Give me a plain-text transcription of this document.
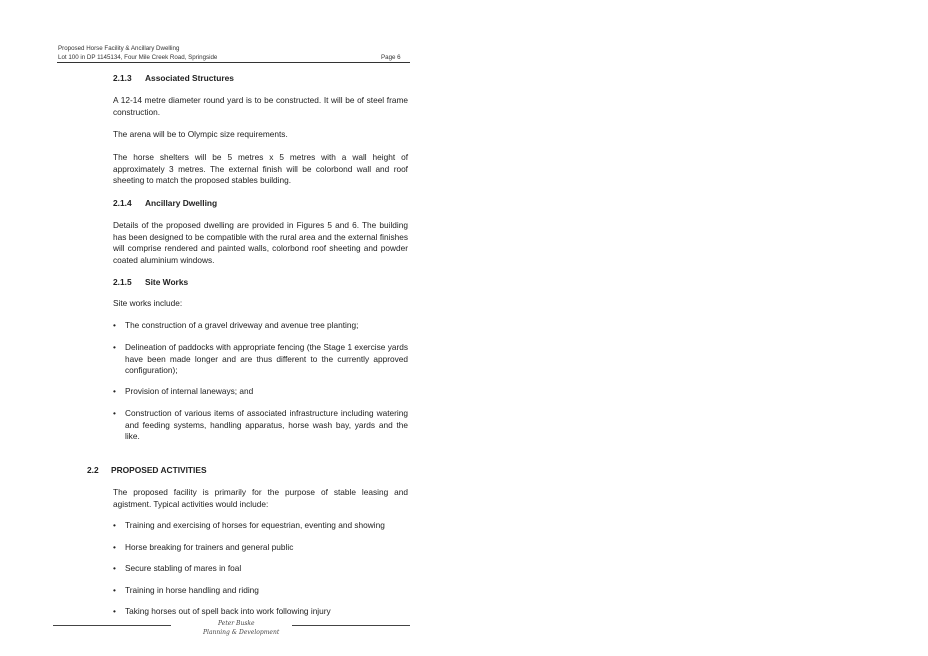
Proposed Horse Facility & Ancillary Dwelling
Lot 100 in DP 1145134, Four Mile Creek Road, Springside	Page 6
2.1.3 Associated Structures
A 12-14 metre diameter round yard is to be constructed. It will be of steel frame construction.
The arena will be to Olympic size requirements.
The horse shelters will be 5 metres x 5 metres with a wall height of approximately 3 metres. The external finish will be colorbond wall and roof sheeting to match the proposed stables building.
2.1.4 Ancillary Dwelling
Details of the proposed dwelling are provided in Figures 5 and 6. The building has been designed to be compatible with the rural area and the external finishes will comprise rendered and painted walls, colorbond roof sheeting and powder coated aluminium windows.
2.1.5 Site Works
Site works include:
• The construction of a gravel driveway and avenue tree planting;
• Delineation of paddocks with appropriate fencing (the Stage 1 exercise yards have been made longer and are thus different to the currently approved configuration);
• Provision of internal laneways; and
• Construction of various items of associated infrastructure including watering and feeding systems, handling apparatus, horse wash bay, yards and the like.
2.2 PROPOSED ACTIVITIES
The proposed facility is primarily for the purpose of stable leasing and agistment. Typical activities would include:
• Training and exercising of horses for equestrian, eventing and showing
• Horse breaking for trainers and general public
• Secure stabling of mares in foal
• Training in horse handling and riding
• Taking horses out of spell back into work following injury
Peter Buske
Planning & Development
